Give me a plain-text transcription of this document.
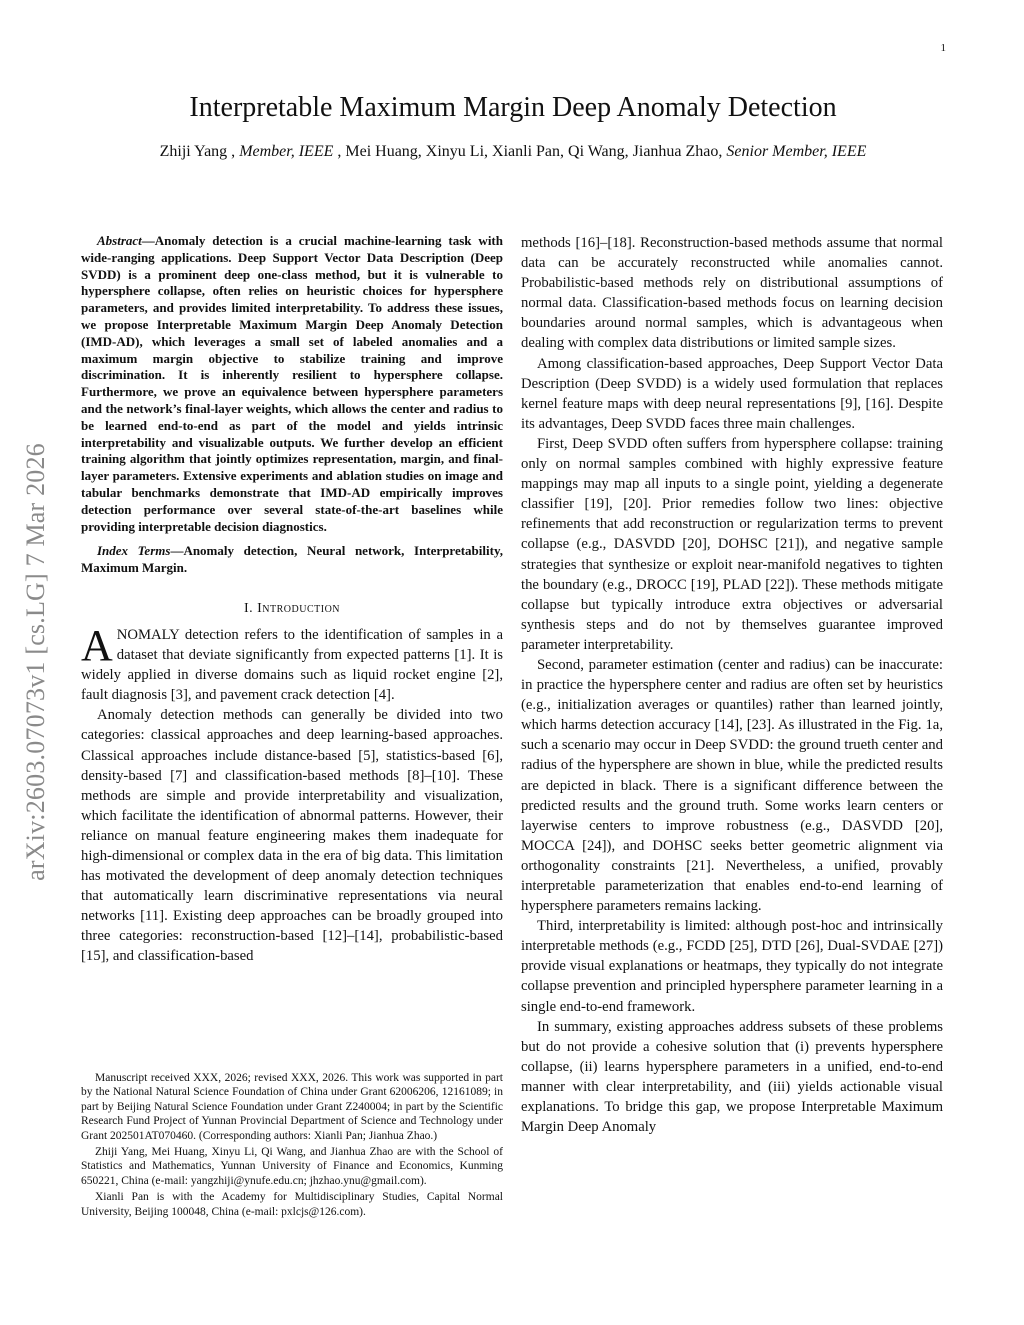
1
arXiv:2603.07073v1 [cs.LG] 7 Mar 2026
Interpretable Maximum Margin Deep Anomaly Detection
Zhiji Yang , Member, IEEE , Mei Huang, Xinyu Li, Xianli Pan, Qi Wang, Jianhua Zhao, Senior Member, IEEE

Abstract—Anomaly detection is a crucial machine-learning task with wide-ranging applications. Deep Support Vector Data Description (Deep SVDD) is a prominent deep one-class method, but it is vulnerable to hypersphere collapse, often relies on heuristic choices for hypersphere parameters, and provides limited interpretability. To address these issues, we propose Interpretable Maximum Margin Deep Anomaly Detection (IMD-AD), which leverages a small set of labeled anomalies and a maximum margin objective to stabilize training and improve discrimination. It is inherently resilient to hypersphere collapse. Furthermore, we prove an equivalence between hypersphere parameters and the network’s final-layer weights, which allows the center and radius to be learned end-to-end as part of the model and yields intrinsic interpretability and visualizable outputs. We further develop an efficient training algorithm that jointly optimizes representation, margin, and final-layer parameters. Extensive experiments and ablation studies on image and tabular benchmarks demonstrate that IMD-AD empirically improves detection performance over several state-of-the-art baselines while providing interpretable decision diagnostics.

Index Terms—Anomaly detection, Neural network, Interpretability, Maximum Margin.

I. Introduction

ANOMALY detection refers to the identification of samples in a dataset that deviate significantly from expected patterns [1]. It is widely applied in diverse domains such as liquid rocket engine [2], fault diagnosis [3], and pavement crack detection [4].

Anomaly detection methods can generally be divided into two categories: classical approaches and deep learning-based approaches. Classical approaches include distance-based [5], statistics-based [6], density-based [7] and classification-based methods [8]–[10]. These methods are simple and provide interpretability and visualization, which facilitate the identification of abnormal patterns. However, their reliance on manual feature engineering makes them inadequate for high-dimensional or complex data in the era of big data. This limitation has motivated the development of deep anomaly detection techniques that automatically learn discriminative representations via neural networks [11]. Existing deep approaches can be broadly grouped into three categories: reconstruction-based [12]–[14], probabilistic-based [15], and classification-based

Manuscript received XXX, 2026; revised XXX, 2026. This work was supported in part by the National Natural Science Foundation of China under Grant 62006206, 12161089; in part by Beijing Natural Science Foundation under Grant Z240004; in part by the Scientific Research Fund Project of Yunnan Provincial Department of Science and Technology under Grant 202501AT070460. (Corresponding authors: Xianli Pan; Jianhua Zhao.)

Zhiji Yang, Mei Huang, Xinyu Li, Qi Wang, and Jianhua Zhao are with the School of Statistics and Mathematics, Yunnan University of Finance and Economics, Kunming 650221, China (e-mail: yangzhiji@ynufe.edu.cn; jhzhao.ynu@gmail.com).

Xianli Pan is with the Academy for Multidisciplinary Studies, Capital Normal University, Beijing 100048, China (e-mail: pxlcjs@126.com).

methods [16]–[18]. Reconstruction-based methods assume that normal data can be accurately reconstructed while anomalies cannot. Probabilistic-based methods rely on distributional assumptions of normal data. Classification-based methods focus on learning decision boundaries around normal samples, which is advantageous when dealing with complex data distributions or limited sample sizes.

Among classification-based approaches, Deep Support Vector Data Description (Deep SVDD) is a widely used formulation that replaces kernel feature maps with deep neural representations [9], [16]. Despite its advantages, Deep SVDD faces three main challenges.

First, Deep SVDD often suffers from hypersphere collapse: training only on normal samples combined with highly expressive feature mappings may map all inputs to a single point, yielding a degenerate classifier [19], [20]. Prior remedies follow two lines: objective refinements that add reconstruction or regularization terms to prevent collapse (e.g., DASVDD [20], DOHSC [21]), and negative sample strategies that synthesize or exploit near-manifold negatives to tighten the boundary (e.g., DROCC [19], PLAD [22]). These methods mitigate collapse but typically introduce extra objectives or adversarial synthesis steps and do not by themselves guarantee improved parameter interpretability.

Second, parameter estimation (center and radius) can be inaccurate: in practice the hypersphere center and radius are often set by heuristics (e.g., initialization averages or quantiles) rather than learned jointly, which harms detection accuracy [14], [23]. As illustrated in the Fig. 1a, such a scenario may occur in Deep SVDD: the ground trueth center and radius of the hypersphere are shown in blue, while the predicted results are depicted in black. There is a significant difference between the predicted results and the ground truth. Some works learn centers or layerwise centers to improve robustness (e.g., DASVDD [20], MOCCA [24]), and DOHSC seeks better geometric alignment via orthogonality constraints [21]. Nevertheless, a unified, provably interpretable parameterization that enables end-to-end learning of hypersphere parameters remains lacking.

Third, interpretability is limited: although post-hoc and intrinsically interpretable methods (e.g., FCDD [25], DTD [26], Dual-SVDAE [27]) provide visual explanations or heatmaps, they typically do not integrate collapse prevention and principled hypersphere parameter learning in a single end-to-end framework.

In summary, existing approaches address subsets of these problems but do not provide a cohesive solution that (i) prevents hypersphere collapse, (ii) learns hypersphere parameters in a unified, end-to-end manner with clear interpretability, and (iii) yields actionable visual explanations. To bridge this gap, we propose Interpretable Maximum Margin Deep Anomaly
